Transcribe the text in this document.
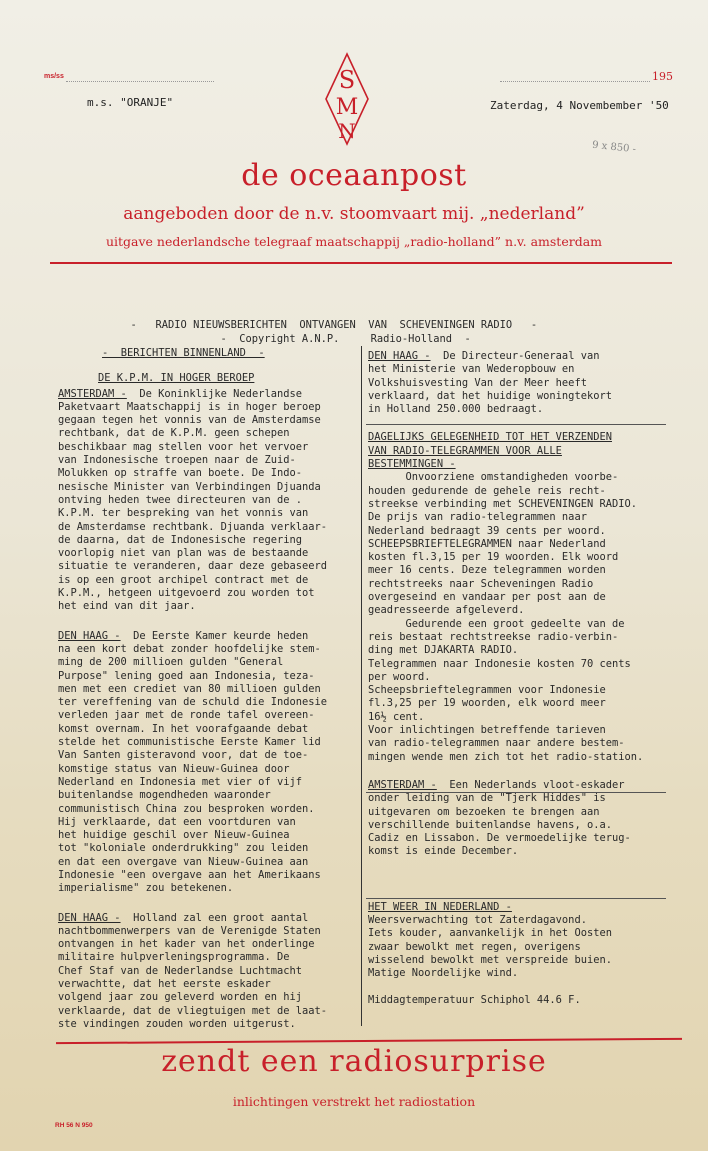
ms/ss
m.s. "ORANJE"
195
Zaterdag, 4 Novembember '50
9 x 850 -
S
M
N
de oceaanpost
aangeboden door de n.v. stoomvaart mij. „nederland”
uitgave nederlandsche telegraaf maatschappij „radio-holland” n.v. amsterdam

-   RADIO NIEUWSBERICHTEN  ONTVANGEN  VAN  SCHEVENINGEN RADIO   -

-  Copyright A.N.P.     Radio-Holland  -

-  BERICHTEN BINNENLAND  -

DE K.P.M. IN HOGER BEROEP

AMSTERDAM -  De Koninklijke Nederlandse

Paketvaart Maatschappij is in hoger beroep

gegaan tegen het vonnis van de Amsterdamse

rechtbank, dat de K.P.M. geen schepen

beschikbaar mag stellen voor het vervoer

van Indonesische troepen naar de Zuid-

Molukken op straffe van boete. De Indo-

nesische Minister van Verbindingen Djuanda

ontving heden twee directeuren van de .

K.P.M. ter bespreking van het vonnis van

de Amsterdamse rechtbank. Djuanda verklaar-

de daarna, dat de Indonesische regering

voorlopig niet van plan was de bestaande

situatie te veranderen, daar deze gebaseerd

is op een groot archipel contract met de

K.P.M., hetgeen uitgevoerd zou worden tot

het eind van dit jaar.

DEN HAAG -  De Eerste Kamer keurde heden

na een kort debat zonder hoofdelijke stem-

ming de 200 millioen gulden "General

Purpose" lening goed aan Indonesia, teza-

men met een crediet van 80 millioen gulden

ter vereffening van de schuld die Indonesie

verleden jaar met de ronde tafel overeen-

komst overnam. In het voorafgaande debat

stelde het communistische Eerste Kamer lid

Van Santen gisteravond voor, dat de toe-

komstige status van Nieuw-Guinea door

Nederland en Indonesia met vier of vijf

buitenlandse mogendheden waaronder

communistisch China zou besproken worden.

Hij verklaarde, dat een voortduren van

het huidige geschil over Nieuw-Guinea

tot "koloniale onderdrukking" zou leiden

en dat een overgave van Nieuw-Guinea aan

Indonesie "een overgave aan het Amerikaans

imperialisme" zou betekenen.

DEN HAAG -  Holland zal een groot aantal

nachtbommenwerpers van de Verenigde Staten

ontvangen in het kader van het onderlinge

militaire hulpverleningsprogramma. De

Chef Staf van de Nederlandse Luchtmacht

verwachtte, dat het eerste eskader

volgend jaar zou geleverd worden en hij

verklaarde, dat de vliegtuigen met de laat-

ste vindingen zouden worden uitgerust.

DEN HAAG -  De Directeur-Generaal van

het Ministerie van Wederopbouw en

Volkshuisvesting Van der Meer heeft

verklaard, dat het huidige woningtekort

in Holland 250.000 bedraagt.

DAGELIJKS GELEGENHEID TOT HET VERZENDEN

VAN RADIO-TELEGRAMMEN VOOR ALLE

BESTEMMINGEN -

Onvoorziene omstandigheden voorbe-

houden gedurende de gehele reis recht-

streekse verbinding met SCHEVENINGEN RADIO.

De prijs van radio-telegrammen naar

Nederland bedraagt 39 cents per woord.

SCHEEPSBRIEFTELEGRAMMEN naar Nederland

kosten fl.3,15 per 19 woorden. Elk woord

meer 16 cents. Deze telegrammen worden

rechtstreeks naar Scheveningen Radio

overgeseind en vandaar per post aan de

geadresseerde afgeleverd.

Gedurende een groot gedeelte van de

reis bestaat rechtstreekse radio-verbin-

ding met DJAKARTA RADIO.

Telegrammen naar Indonesie kosten 70 cents

per woord.

Scheepsbrieftelegrammen voor Indonesie

fl.3,25 per 19 woorden, elk woord meer

16½ cent.

Voor inlichtingen betreffende tarieven

van radio-telegrammen naar andere bestem-

mingen wende men zich tot het radio-station.

AMSTERDAM -  Een Nederlands vloot-eskader

onder leiding van de "Tjerk Hiddes" is

uitgevaren om bezoeken te brengen aan

verschillende buitenlandse havens, o.a.

Cadiz en Lissabon. De vermoedelijke terug-

komst is einde December.

HET WEER IN NEDERLAND -

Weersverwachting tot Zaterdagavond.

Iets kouder, aanvankelijk in het Oosten

zwaar bewolkt met regen, overigens

wisselend bewolkt met verspreide buien.

Matige Noordelijke wind.

Middagtemperatuur Schiphol 44.6 F.

zendt een radiosurprise
inlichtingen verstrekt het radiostation
RH 56 N 950
